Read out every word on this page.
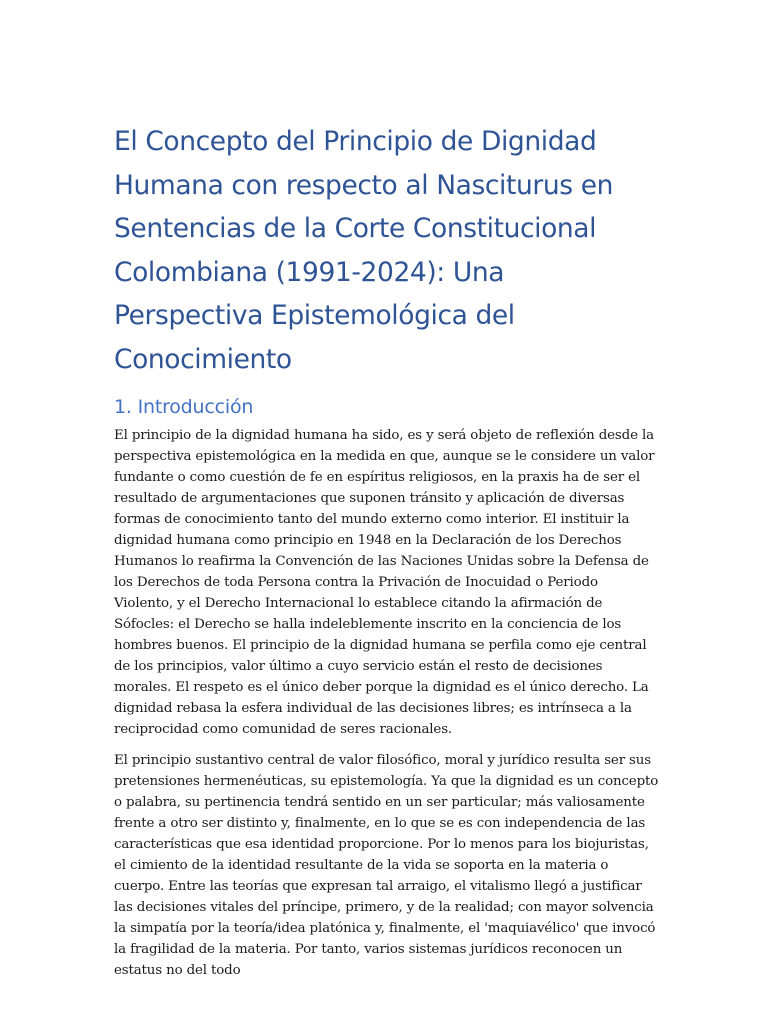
El Concepto del Principio de Dignidad Humana con respecto al Nasciturus en Sentencias de la Corte Constitucional Colombiana (1991-2024): Una Perspectiva Epistemológica del Conocimiento
1. Introducción

El principio de la dignidad humana ha sido, es y será objeto de reflexión desde la perspectiva epistemológica en la medida en que, aunque se le considere un valor fundante o como cuestión de fe en espíritus religiosos, en la praxis ha de ser el resultado de argumentaciones que suponen tránsito y aplicación de diversas formas de conocimiento tanto del mundo externo como interior. El instituir la dignidad humana como principio en 1948 en la Declaración de los Derechos Humanos lo reafirma la Convención de las Naciones Unidas sobre la Defensa de los Derechos de toda Persona contra la Privación de Inocuidad o Periodo Violento, y el Derecho Internacional lo establece citando la afirmación de Sófocles: el Derecho se halla indeleblemente inscrito en la conciencia de los hombres buenos. El principio de la dignidad humana se perfila como eje central de los principios, valor último a cuyo servicio están el resto de decisiones morales. El respeto es el único deber porque la dignidad es el único derecho. La dignidad rebasa la esfera individual de las decisiones libres; es intrínseca a la reciprocidad como comunidad de seres racionales.

El principio sustantivo central de valor filosófico, moral y jurídico resulta ser sus pretensiones hermenéuticas, su epistemología. Ya que la dignidad es un concepto o palabra, su pertinencia tendrá sentido en un ser particular; más valiosamente frente a otro ser distinto y, finalmente, en lo que se es con independencia de las características que esa identidad proporcione. Por lo menos para los biojuristas, el cimiento de la identidad resultante de la vida se soporta en la materia o cuerpo. Entre las teorías que expresan tal arraigo, el vitalismo llegó a justificar las decisiones vitales del príncipe, primero, y de la realidad; con mayor solvencia la simpatía por la teoría/idea platónica y, finalmente, el 'maquiavélico' que invocó la fragilidad de la materia. Por tanto, varios sistemas jurídicos reconocen un estatus no del todo
